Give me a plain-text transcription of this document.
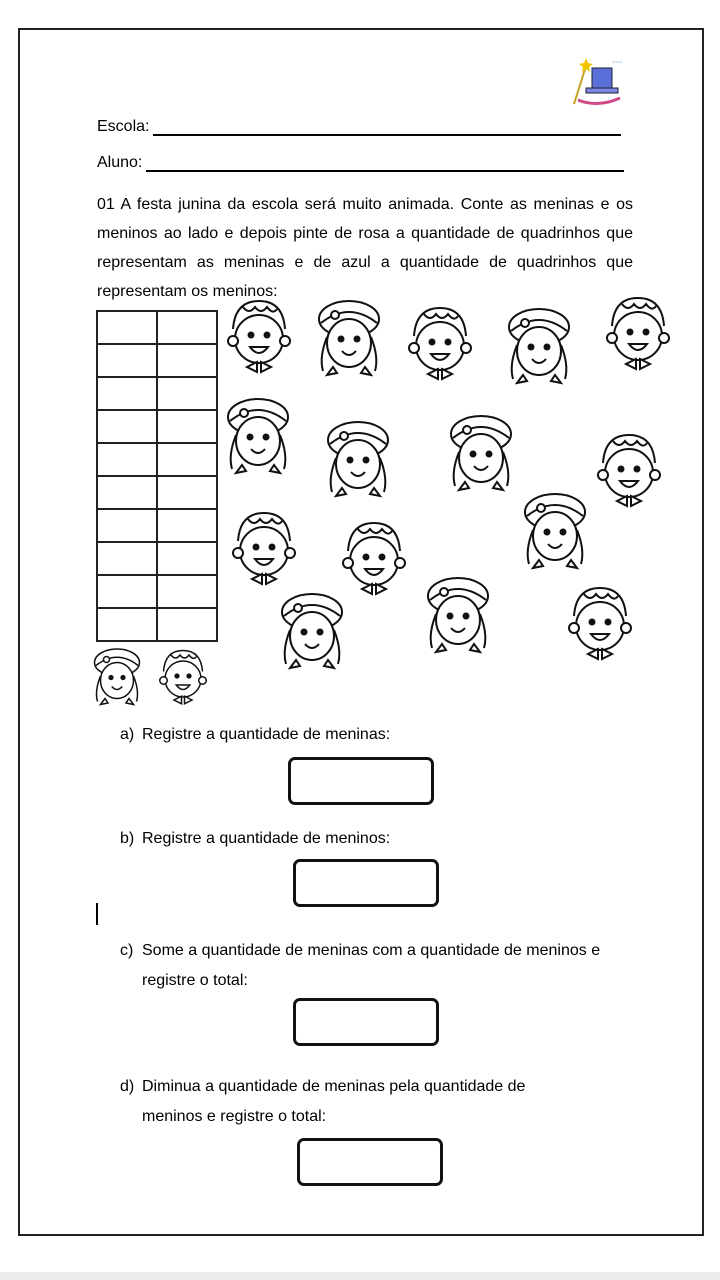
~~~
Escola:
Aluno:
01 A festa junina da escola será muito animada. Conte as meninas e os meninos ao lado e depois pinte de rosa a quantidade de quadrinhos que representam as meninas e de azul a quantidade de quadrinhos que representam os meninos:

a) Registre a quantidade de meninas:
b) Registre a quantidade de meninos:
c) Some a quantidade de meninas com a quantidade de meninos e registre o total:
d) Diminua a quantidade de meninas pela quantidade de meninos e registre o total:
